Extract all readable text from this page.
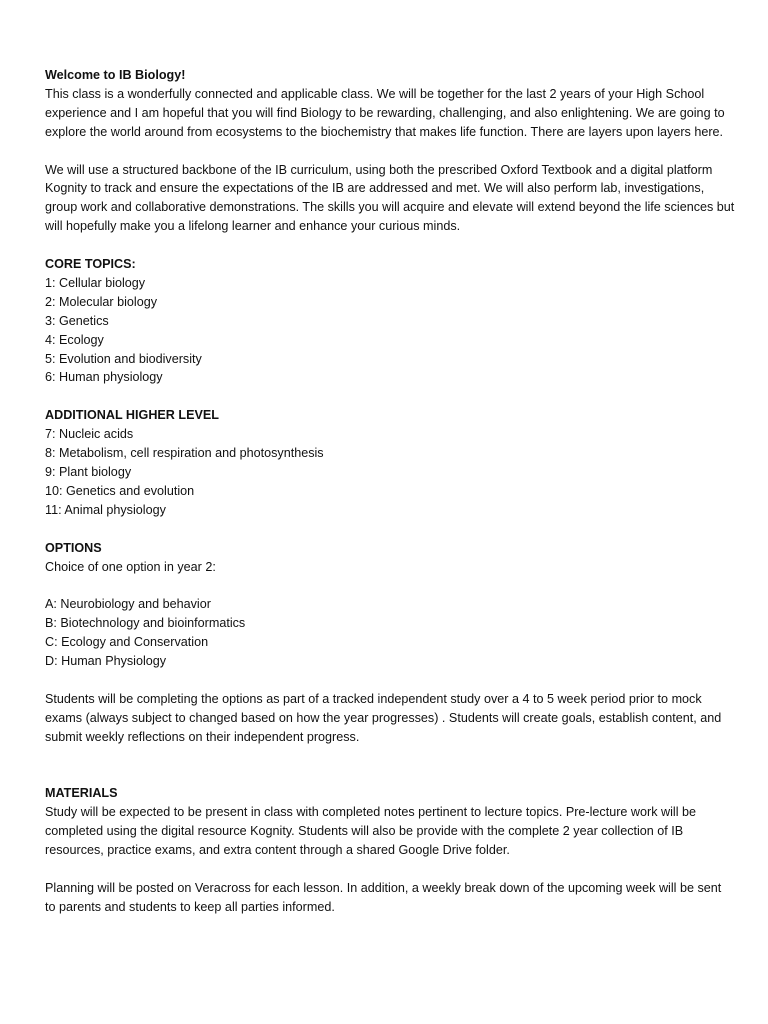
Welcome to IB Biology!

This class is a wonderfully connected and applicable class. We will be together for the last 2 years of your High School experience and I am hopeful that you will find Biology to be rewarding, challenging, and also enlightening. We are going to explore the world around from ecosystems to the biochemistry that makes life function. There are layers upon layers here.

We will use a structured backbone of the IB curriculum, using both the prescribed Oxford Textbook and a digital platform Kognity to track and ensure the expectations of the IB are addressed and met. We will also perform lab, investigations, group work and collaborative demonstrations. The skills you will acquire and elevate will extend beyond the life sciences but will hopefully make you a lifelong learner and enhance your curious minds.

CORE TOPICS:

1: Cellular biology

2: Molecular biology

3: Genetics

4: Ecology

5: Evolution and biodiversity

6: Human physiology

ADDITIONAL HIGHER LEVEL

7: Nucleic acids

8: Metabolism, cell respiration and photosynthesis

9: Plant biology

10: Genetics and evolution

11: Animal physiology

OPTIONS

Choice of one option in year 2:

A: Neurobiology and behavior

B: Biotechnology and bioinformatics

C: Ecology and Conservation

D: Human Physiology

Students will be completing the options as part of a tracked independent study over a 4 to 5 week period prior to mock exams (always subject to changed based on how the year progresses) . Students will create goals, establish content, and submit weekly reflections on their independent progress.

MATERIALS

Study will be expected to be present in class with completed notes pertinent to lecture topics. Pre-lecture work will be completed using the digital resource Kognity. Students will also be provide with the complete 2 year collection of IB resources, practice exams, and extra content through a shared Google Drive folder.

Planning will be posted on Veracross for each lesson. In addition, a weekly break down of the upcoming week will be sent to parents and students to keep all parties informed.
